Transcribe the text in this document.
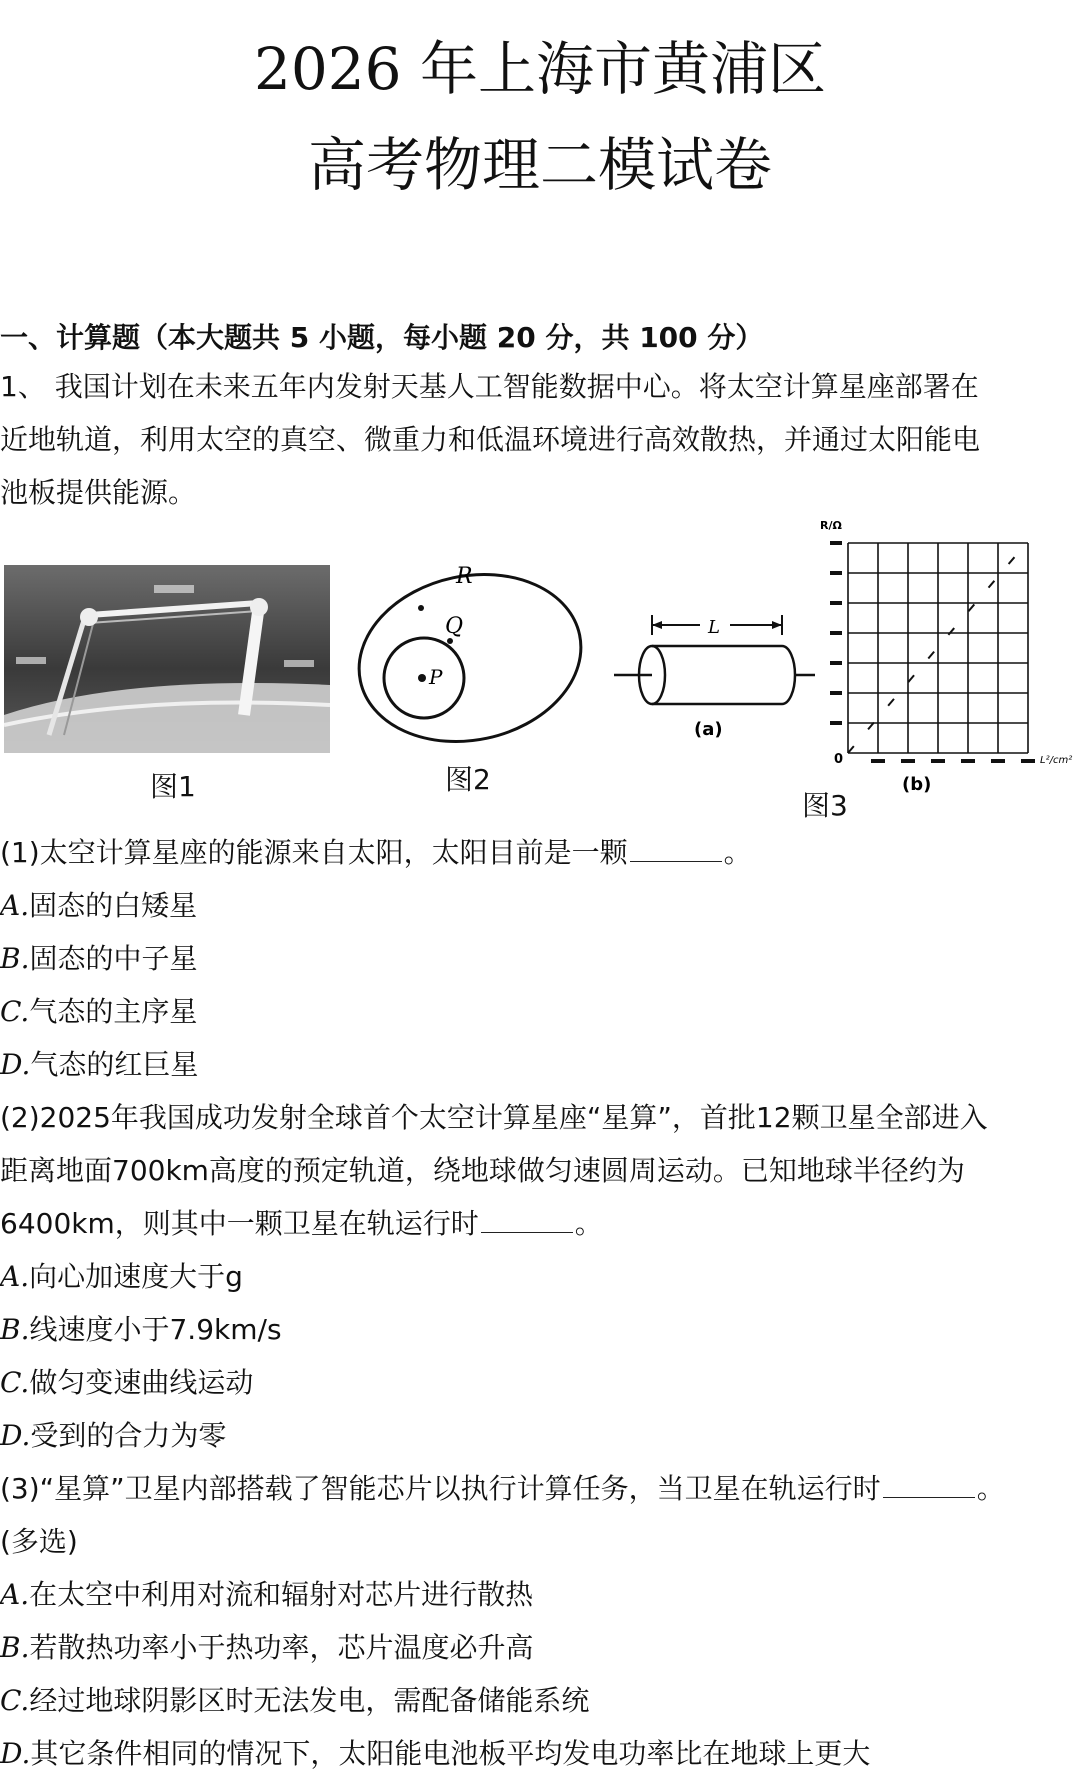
2026 年上海市黄浦区
高考物理二模试卷
一、计算题（本大题共 5 小题，每小题 20 分，共 100 分）
1、 我国计划在未来五年内发射天基人工智能数据中心。将太空计算星座部署在
近地轨道，利用太空的真空、微重力和低温环境进行高效散热，并通过太阳能电
池板提供能源。
图1
R
Q
P
图2
L
(a)
R/Ω
0	L²/cm²
(b)
图3
(1)太空计算星座的能源来自太阳，太阳目前是一颗	。
A.固态的白矮星
B.固态的中子星
C.气态的主序星
D.气态的红巨星
(2)2025年我国成功发射全球首个太空计算星座“星算”，首批12颗卫星全部进入
距离地面700km高度的预定轨道，绕地球做匀速圆周运动。已知地球半径约为
6400km，则其中一颗卫星在轨运行时	。
A.向心加速度大于g
B.线速度小于7.9km/s
C.做匀变速曲线运动
D.受到的合力为零
(3)“星算”卫星内部搭载了智能芯片以执行计算任务，当卫星在轨运行时	。
(多选)
A.在太空中利用对流和辐射对芯片进行散热
B.若散热功率小于热功率，芯片温度必升高
C.经过地球阴影区时无法发电，需配备储能系统
D.其它条件相同的情况下，太阳能电池板平均发电功率比在地球上更大
